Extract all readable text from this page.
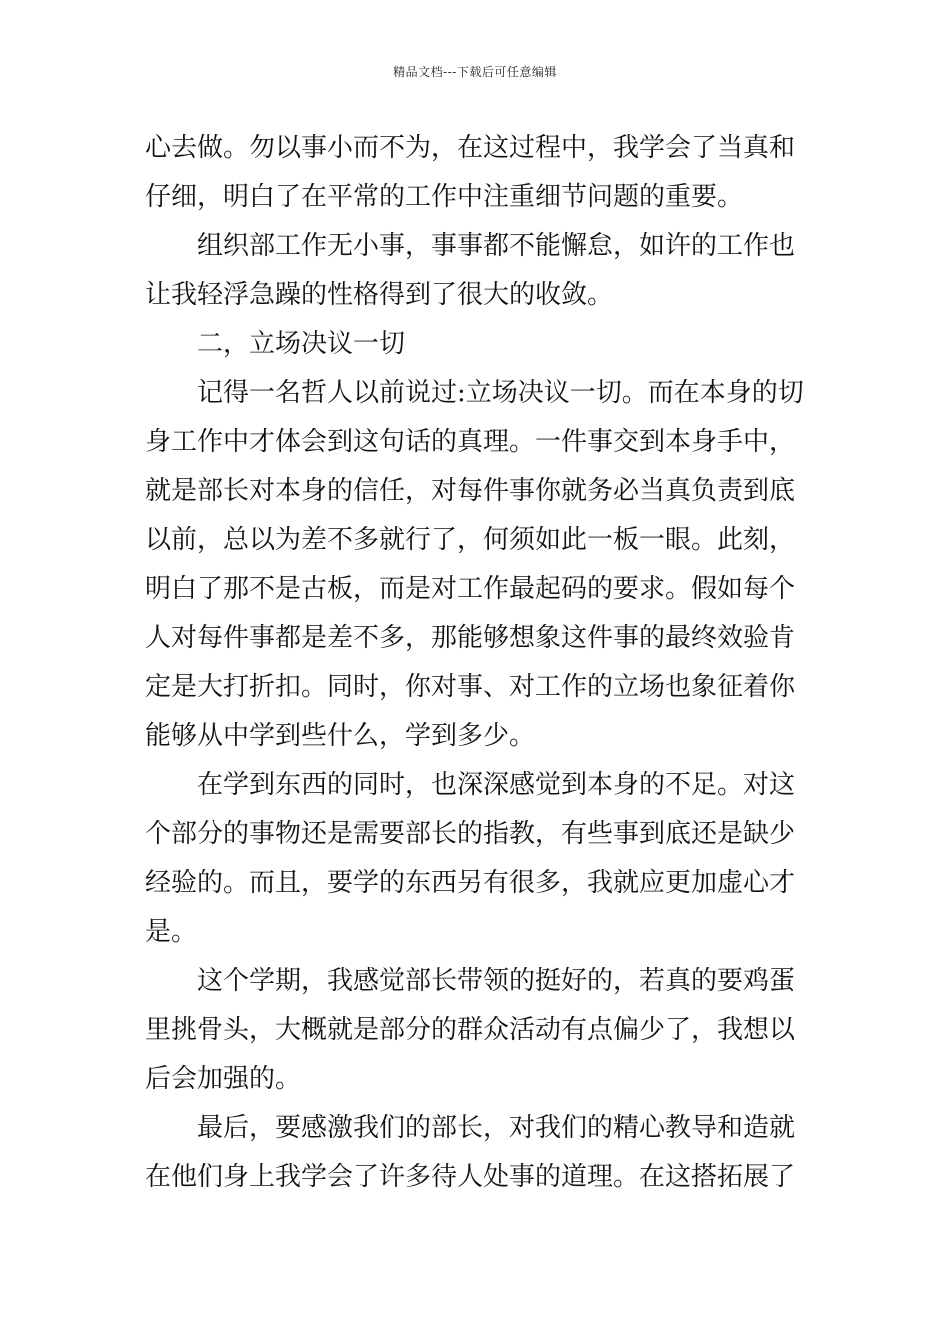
精品文档---下载后可任意编辑
心去做。勿以事小而不为，在这过程中，我学会了当真和
仔细，明白了在平常的工作中注重细节问题的重要。
组织部工作无小事，事事都不能懈怠，如许的工作也
让我轻浮急躁的性格得到了很大的收敛。
二，立场决议一切
记得一名哲人以前说过:立场决议一切。而在本身的切
身工作中才体会到这句话的真理。一件事交到本身手中，
就是部长对本身的信任，对每件事你就务必当真负责到底
以前，总以为差不多就行了，何须如此一板一眼。此刻，
明白了那不是古板，而是对工作最起码的要求。假如每个
人对每件事都是差不多，那能够想象这件事的最终效验肯
定是大打折扣。同时，你对事、对工作的立场也象征着你
能够从中学到些什么，学到多少。
在学到东西的同时，也深深感觉到本身的不足。对这
个部分的事物还是需要部长的指教，有些事到底还是缺少
经验的。而且，要学的东西另有很多，我就应更加虚心才
是。
这个学期，我感觉部长带领的挺好的，若真的要鸡蛋
里挑骨头，大概就是部分的群众活动有点偏少了，我想以
后会加强的。
最后，要感激我们的部长，对我们的精心教导和造就
在他们身上我学会了许多待人处事的道理。在这搭拓展了
